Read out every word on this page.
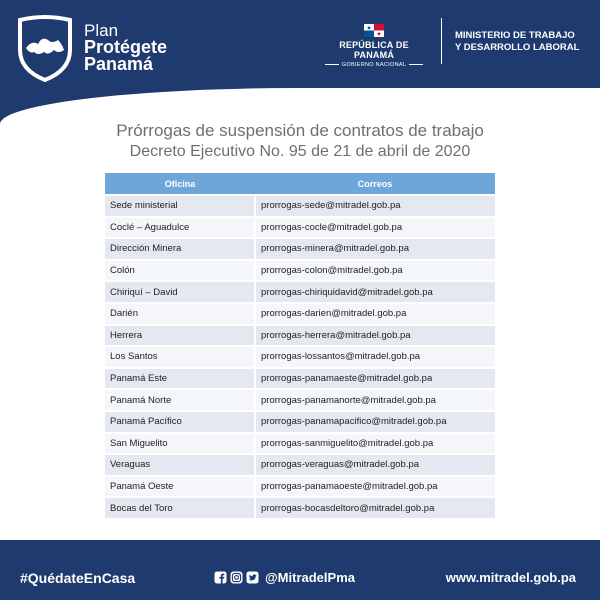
Plan
Protégete
Panamá
REPÚBLICA DE PANAMÁ
GOBIERNO NACIONAL
MINISTERIO DE TRABAJO
Y DESARROLLO LABORAL
Prórrogas de suspensión de contratos de trabajo
Decreto Ejecutivo No. 95 de 21 de abril de 2020
Oficina	Correos
Sede ministerial	prorrogas-sede@mitradel.gob.pa
Coclé – Aguadulce	prorrogas-cocle@mitradel.gob.pa
Dirección Minera	prorrogas-minera@mitradel.gob.pa
Colón	prorrogas-colon@mitradel.gob.pa
Chiriquí – David	prorrogas-chiriquidavid@mitradel.gob.pa
Darién	prorrogas-darien@mitradel.gob.pa
Herrera	prorrogas-herrera@mitradel.gob.pa
Los Santos	prorrogas-lossantos@mitradel.gob.pa
Panamá Este	prorrogas-panamaeste@mitradel.gob.pa
Panamá Norte	prorrogas-panamanorte@mitradel.gob.pa
Panamá Pacífico	prorrogas-panamapacifico@mitradel.gob.pa
San Miguelito	prorrogas-sanmiguelito@mitradel.gob.pa
Veraguas	prorrogas-veraguas@mitradel.gob.pa
Panamá Oeste	prorrogas-panamaoeste@mitradel.gob.pa
Bocas del Toro	prorrogas-bocasdeltoro@mitradel.gob.pa
#QuédateEnCasa	@MitradelPma	www.mitradel.gob.pa
